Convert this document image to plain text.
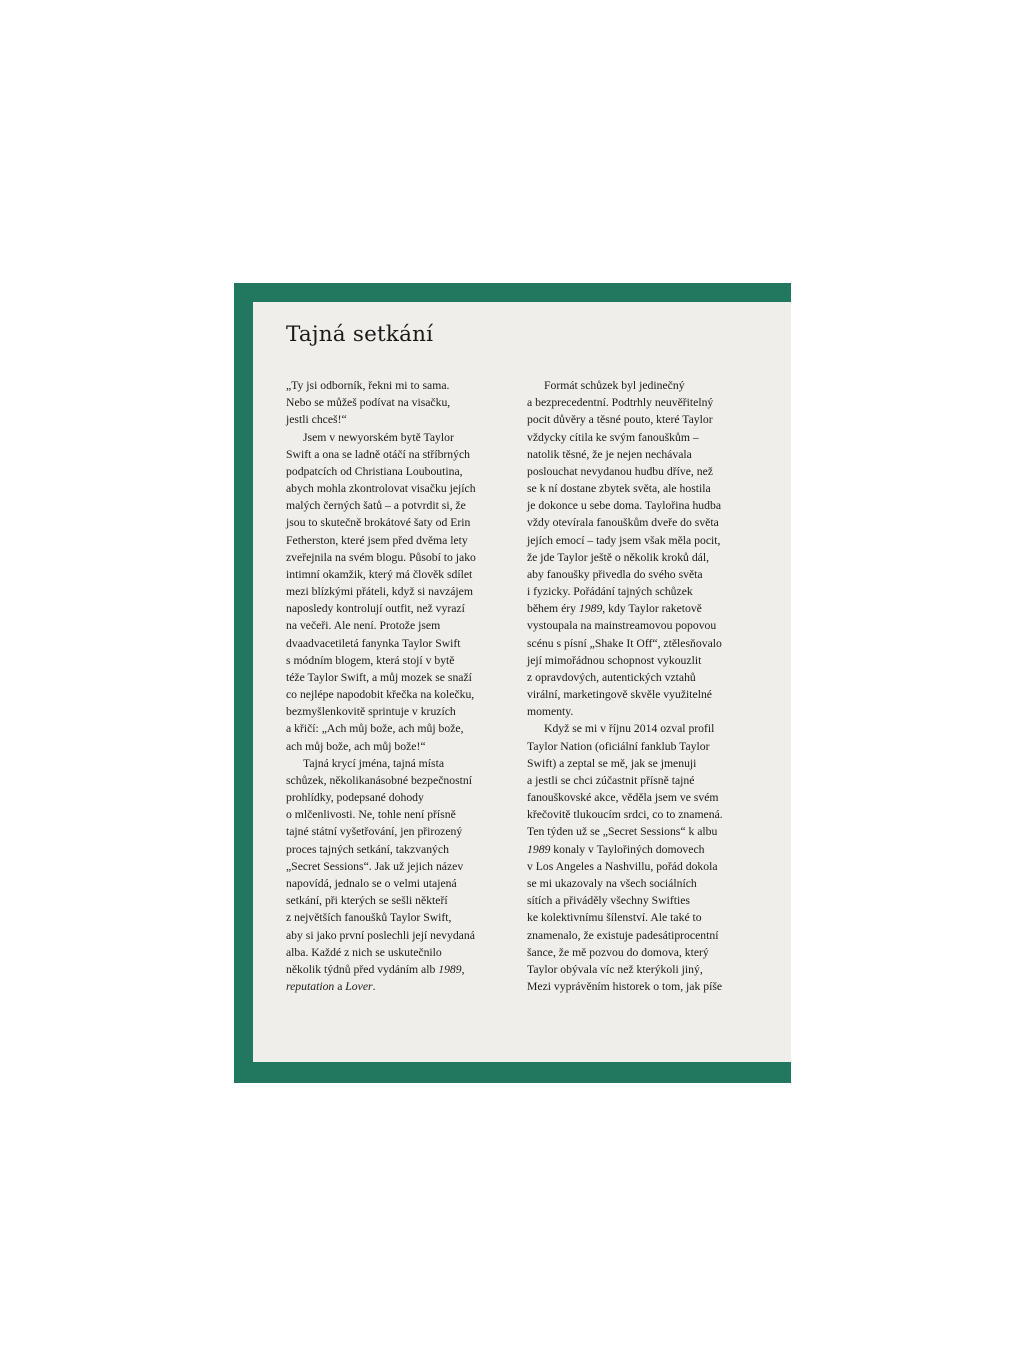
Tajná setkání
„Ty jsi odborník, řekni mi to sama.
Nebo se můžeš podívat na visačku,
jestli chceš!“
Jsem v newyorském bytě Taylor
Swift a ona se ladně otáčí na stříbrných
podpatcích od Christiana Louboutina,
abych mohla zkontrolovat visačku jejích
malých černých šatů – a potvrdit si, že
jsou to skutečně brokátové šaty od Erin
Fetherston, které jsem před dvěma lety
zveřejnila na svém blogu. Působí to jako
intimní okamžik, který má člověk sdílet
mezi blízkými přáteli, když si navzájem
naposledy kontrolují outfit, než vyrazí
na večeři. Ale není. Protože jsem
dvaadvacetiletá fanynka Taylor Swift
s módním blogem, která stojí v bytě
téže Taylor Swift, a můj mozek se snaží
co nejlépe napodobit křečka na kolečku,
bezmyšlenkovitě sprintuje v kruzích
a křičí: „Ach můj bože, ach můj bože,
ach můj bože, ach můj bože!“
Tajná krycí jména, tajná místa
schůzek, několikanásobné bezpečnostní
prohlídky, podepsané dohody
o mlčenlivosti. Ne, tohle není přísně
tajné státní vyšetřování, jen přirozený
proces tajných setkání, takzvaných
„Secret Sessions“. Jak už jejich název
napovídá, jednalo se o velmi utajená
setkání, při kterých se sešli někteří
z největších fanoušků Taylor Swift,
aby si jako první poslechli její nevydaná
alba. Každé z nich se uskutečnilo
několik týdnů před vydáním alb 1989,
reputation a Lover.
Formát schůzek byl jedinečný
a bezprecedentní. Podtrhly neuvěřitelný
pocit důvěry a těsné pouto, které Taylor
vždycky cítila ke svým fanouškům –
natolik těsné, že je nejen nechávala
poslouchat nevydanou hudbu dříve, než
se k ní dostane zbytek světa, ale hostila
je dokonce u sebe doma. Taylořina hudba
vždy otevírala fanouškům dveře do světa
jejích emocí – tady jsem však měla pocit,
že jde Taylor ještě o několik kroků dál,
aby fanoušky přivedla do svého světa
i fyzicky. Pořádání tajných schůzek
během éry 1989, kdy Taylor raketově
vystoupala na mainstreamovou popovou
scénu s písní „Shake It Off“, ztělesňovalo
její mimořádnou schopnost vykouzlit
z opravdových, autentických vztahů
virální, marketingově skvěle využitelné
momenty.
Když se mi v říjnu 2014 ozval profil
Taylor Nation (oficiální fanklub Taylor
Swift) a zeptal se mě, jak se jmenuji
a jestli se chci zúčastnit přísně tajné
fanouškovské akce, věděla jsem ve svém
křečovitě tlukoucím srdci, co to znamená.
Ten týden už se „Secret Sessions“ k albu
1989 konaly v Taylořiných domovech
v Los Angeles a Nashvillu, pořád dokola
se mi ukazovaly na všech sociálních
sítích a přiváděly všechny Swifties
ke kolektivnímu šílenství. Ale také to
znamenalo, že existuje padesátiprocentní
šance, že mě pozvou do domova, který
Taylor obývala víc než kterýkoli jiný,
Mezi vyprávěním historek o tom, jak píše
